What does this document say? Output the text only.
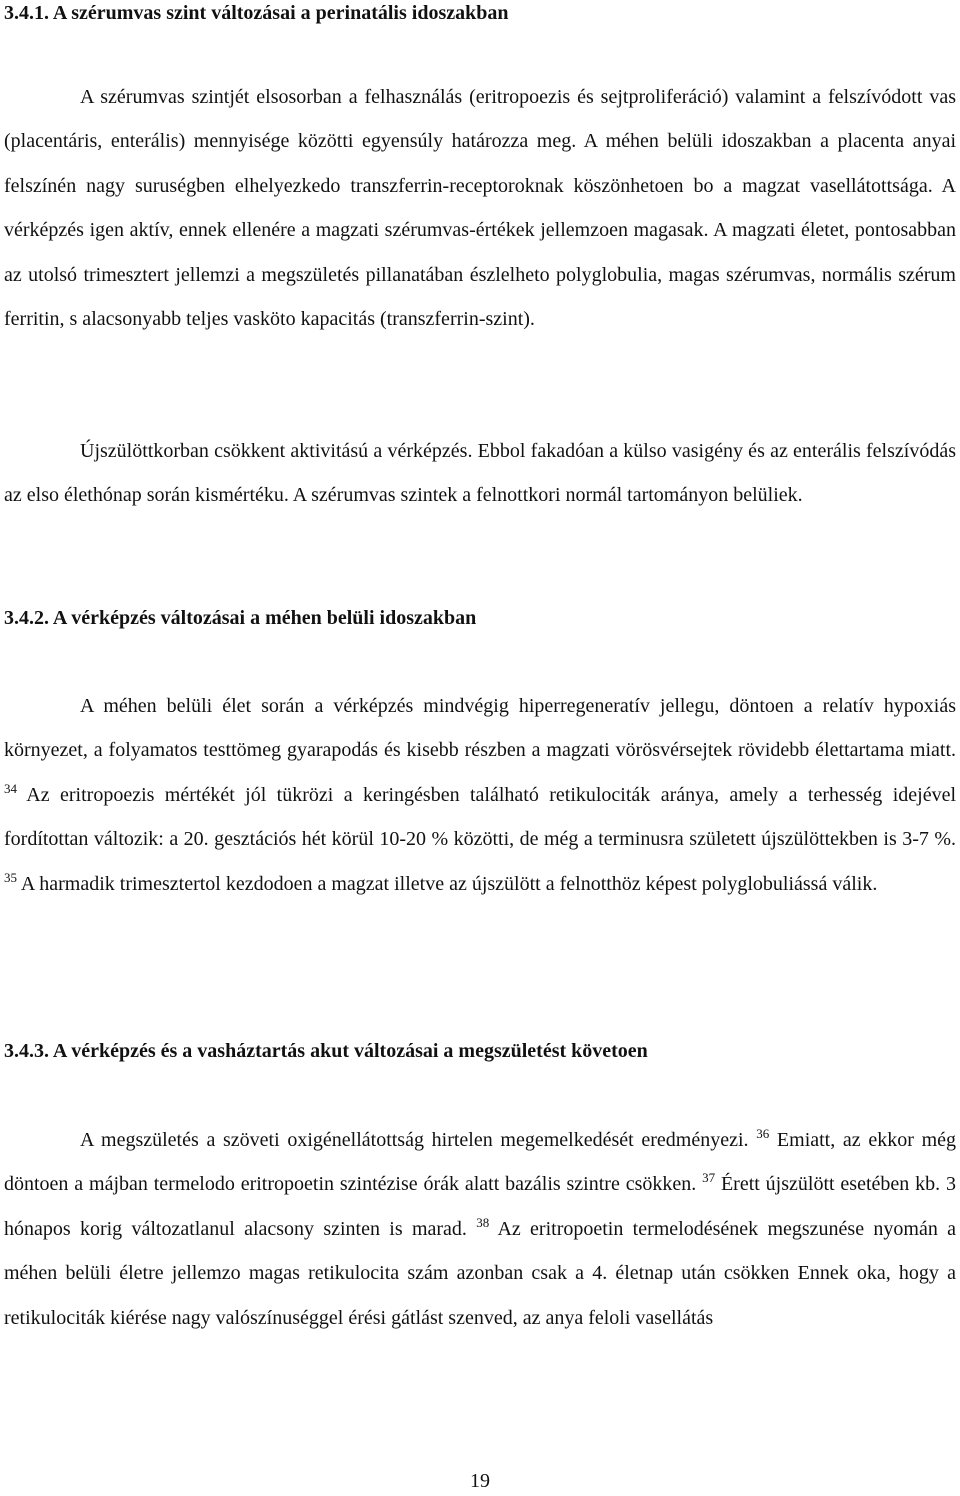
3.4.1. A szérumvas szint változásai a perinatális idoszakban

A szérumvas szintjét elsosorban a felhasználás (eritropoezis és sejtproliferáció) valamint a felszívódott vas (placentáris, enterális) mennyisége közötti egyensúly határozza meg. A méhen belüli idoszakban a placenta anyai felszínén nagy suruségben elhelyezkedo transzferrin-receptoroknak köszönhetoen bo a magzat vasellátottsága. A vérképzés igen aktív, ennek ellenére a magzati szérumvas-értékek jellemzoen magasak. A magzati életet, pontosabban az utolsó trimesztert jellemzi a megszületés pillanatában észlelheto polyglobulia, magas szérumvas, normális szérum ferritin, s alacsonyabb teljes vasköto kapacitás (transzferrin-szint).

Újszülöttkorban csökkent aktivitású a vérképzés. Ebbol fakadóan a külso vasigény és az enterális felszívódás az elso élethónap során kismértéku. A szérumvas szintek a felnottkori normál tartományon belüliek.

3.4.2. A vérképzés változásai a méhen belüli idoszakban

A méhen belüli élet során a vérképzés mindvégig hiperregeneratív jellegu, döntoen a relatív hypoxiás környezet, a folyamatos testtömeg gyarapodás és kisebb részben a magzati vörösvérsejtek rövidebb élettartama miatt. $^{34}$ Az eritropoezis mértékét jól tükrözi a keringésben található retikulociták aránya, amely a terhesség idejével fordítottan változik: a 20. gesztációs hét körül 10-20 % közötti, de még a terminusra született újszülöttekben is 3-7 %. $^{35}$ A harmadik trimesztertol kezdodoen a magzat illetve az újszülött a felnotthöz képest polyglobuliássá válik.

3.4.3. A vérképzés és a vasháztartás akut változásai a megszületést követoen

A megszületés a szöveti oxigénellátottság hirtelen megemelkedését eredményezi. $^{36}$ Emiatt, az ekkor még döntoen a májban termelodo eritropoetin szintézise órák alatt bazális szintre csökken. $^{37}$ Érett újszülött esetében kb. 3 hónapos korig változatlanul alacsony szinten is marad. $^{38}$ Az eritropoetin termelodésének megszunése nyomán a méhen belüli életre jellemzo magas retikulocita szám azonban csak a 4. életnap után csökken Ennek oka, hogy a retikulociták kiérése nagy valószínuséggel érési gátlást szenved, az anya feloli vasellátás

19
